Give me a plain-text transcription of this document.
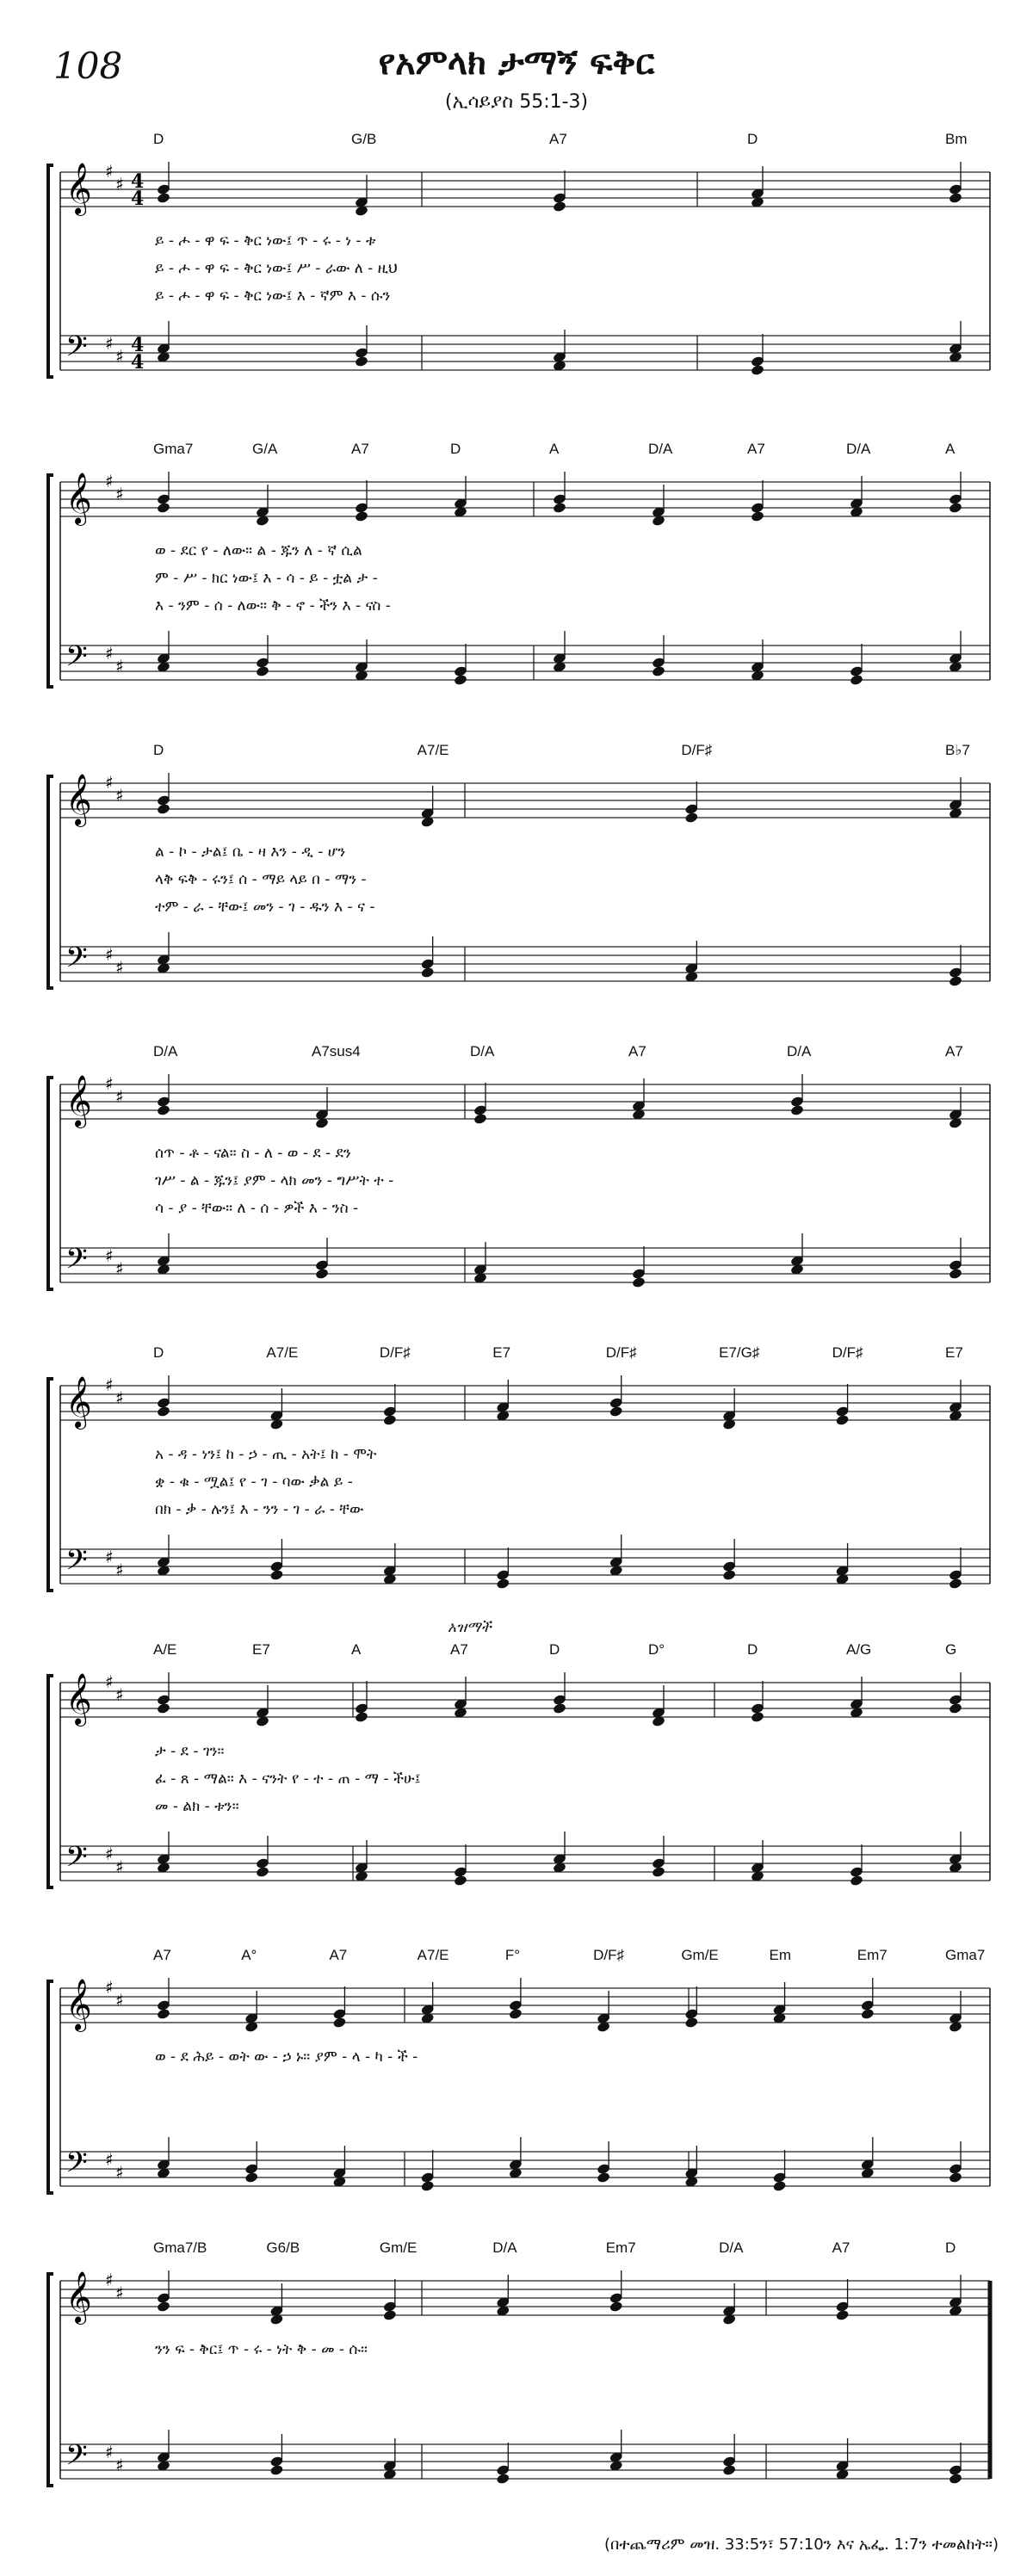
108	የአምላክ ታማኝ ፍቅር
(ኢሳይያስ 55:1-3)
𝄞
𝄢
♯
♯
♯
♯
4
4
4
4
D	G/B	A7	D	Bm
ይ - ሖ - ዋ ፍ - ቅር ነው፤ ጥ - ሩ - ነ - ቱ
ይ - ሖ - ዋ ፍ - ቅር ነው፤ ሥ - ራው ለ - ዚህ
ይ - ሖ - ዋ ፍ - ቅር ነው፤ እ - ኛም እ - ሱን
𝄞
𝄢
♯
♯
♯
♯
Gma7	G/A	A7	D	A	D/A	A7	D/A	A
ወ - ደር የ - ለው። ል - ጁን ለ - ኛ ሲል
ም - ሥ - ክር ነው፤ እ - ሳ - ይ - ቷል ታ -
እ - ንም - ሰ - ለው። ቅ - ኖ - ችን እ - ናስ -
𝄞
𝄢
♯
♯
♯
♯
D	A7/E	D/F♯	B♭7
ል - ኮ - ታል፤ ቤ - ዛ እን - ዲ - ሆን
ላቅ ፍቅ - ሩን፤ ሰ - ማይ ላይ በ - ማን -
ተም - ራ - ቸው፤ መን - ገ - ዱን እ - ና -
𝄞
𝄢
♯
♯
♯
♯
D/A	A7sus4	D/A	A7	D/A	A7
ሰጥ - ቶ - ናል። ስ - ለ - ወ - ደ - ደን
ገሥ - ል - ጁን፤ ያም - ላክ መን - ግሥት ተ -
ሳ - ያ - ቸው። ለ - ሰ - ዎች እ - ንስ -
𝄞
𝄢
♯
♯
♯
♯
D	A7/E	D/F♯	E7	D/F♯	E7/G♯	D/F♯	E7
አ - ዳ - ነን፤ ከ - ኃ - ጢ - አት፤ ከ - ሞት
ቋ - ቁ - ሟል፤ የ - ገ - ባው ቃል ይ -
በክ - ቃ - ሉን፤ እ - ንን - ገ - ራ - ቸው
𝄞
𝄢
♯
♯
♯
♯
A/E	E7	A	A7	D	D°	D	A/G	G
አዝማች
ታ - ደ - ገን።
ፈ - ጸ - ማል። እ - ናንት የ - ተ - ጠ - ማ - ችሁ፤
መ - ልክ - ቱን።
𝄞
𝄢
♯
♯
♯
♯
A7	A°	A7	A7/E	F°	D/F♯	Gm/E	Em	Em7	Gma7
ወ - ደ ሕይ - ወት ው - ኃ ኑ። ያም - ላ - ካ - ች -
𝄞
𝄢
♯
♯
♯
♯
Gma7/B	G6/B	Gm/E	D/A	Em7	D/A	A7	D
ንን ፍ - ቅር፤ ጥ - ሩ - ነት ቅ - መ - ሱ።
(በተጨማሪም መዝ. 33:5ን፣ 57:10ን እና ኤፌ. 1:7ን ተመልከት።)
